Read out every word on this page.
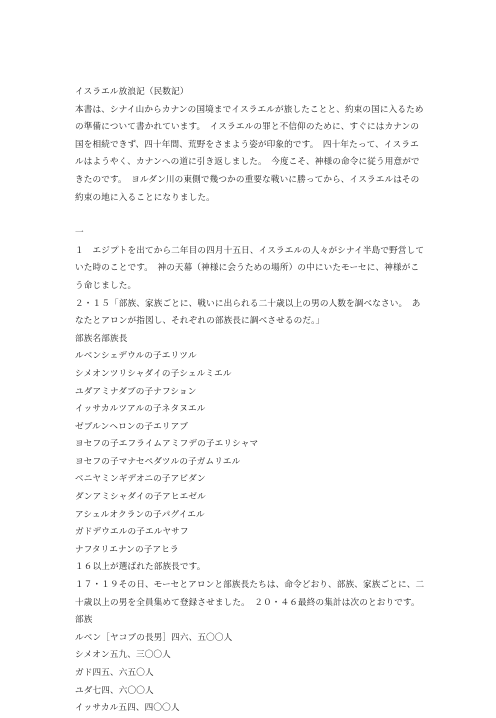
イスラエル放浪記（民数記）
本書は、シナイ山からカナンの国境までイスラエルが旅したことと、約束の国に入るため
の準備について書かれています。　イスラエルの罪と不信仰のために、すぐにはカナンの
国を相続できず、四十年間、荒野をさまよう姿が印象的です。　四十年たって、イスラエ
ルはようやく、カナンへの道に引き返しました。　今度こそ、神様の命令に従う用意がで
きたのです。　ヨルダン川の東側で幾つかの重要な戦いに勝ってから、イスラエルはその
約束の地に入ることになりました。
一
１　エジプトを出てから二年目の四月十五日、イスラエルの人々がシナイ半島で野営して
いた時のことです。　神の天幕（神様に会うための場所）の中にいたモーセに、神様がこ
う命じました。
２・１５「部族、家族ごとに、戦いに出られる二十歳以上の男の人数を調べなさい。　あ
なたとアロンが指図し、それぞれの部族長に調べさせるのだ。」
部族名部族長
ルベンシェデウルの子エリツル
シメオンツリシャダイの子シェルミエル
ユダアミナダブの子ナフション
イッサカルツアルの子ネタヌエル
ゼブルンヘロンの子エリアブ
ヨセフの子エフライムアミフデの子エリシャマ
ヨセフの子マナセペダツルの子ガムリエル
ベニヤミンギデオニの子アビダン
ダンアミシャダイの子アヒエゼル
アシェルオクランの子パグイエル
ガドデウエルの子エルヤサフ
ナフタリエナンの子アヒラ
１６以上が選ばれた部族長です。
１７・１９その日、モーセとアロンと部族長たちは、命令どおり、部族、家族ごとに、二
十歳以上の男を全員集めて登録させました。　２０・４６最終の集計は次のとおりです。
部族
ルベン［ヤコブの長男］四六、五〇〇人
シメオン五九、三〇〇人
ガド四五、六五〇人
ユダ七四、六〇〇人
イッサカル五四、四〇〇人
